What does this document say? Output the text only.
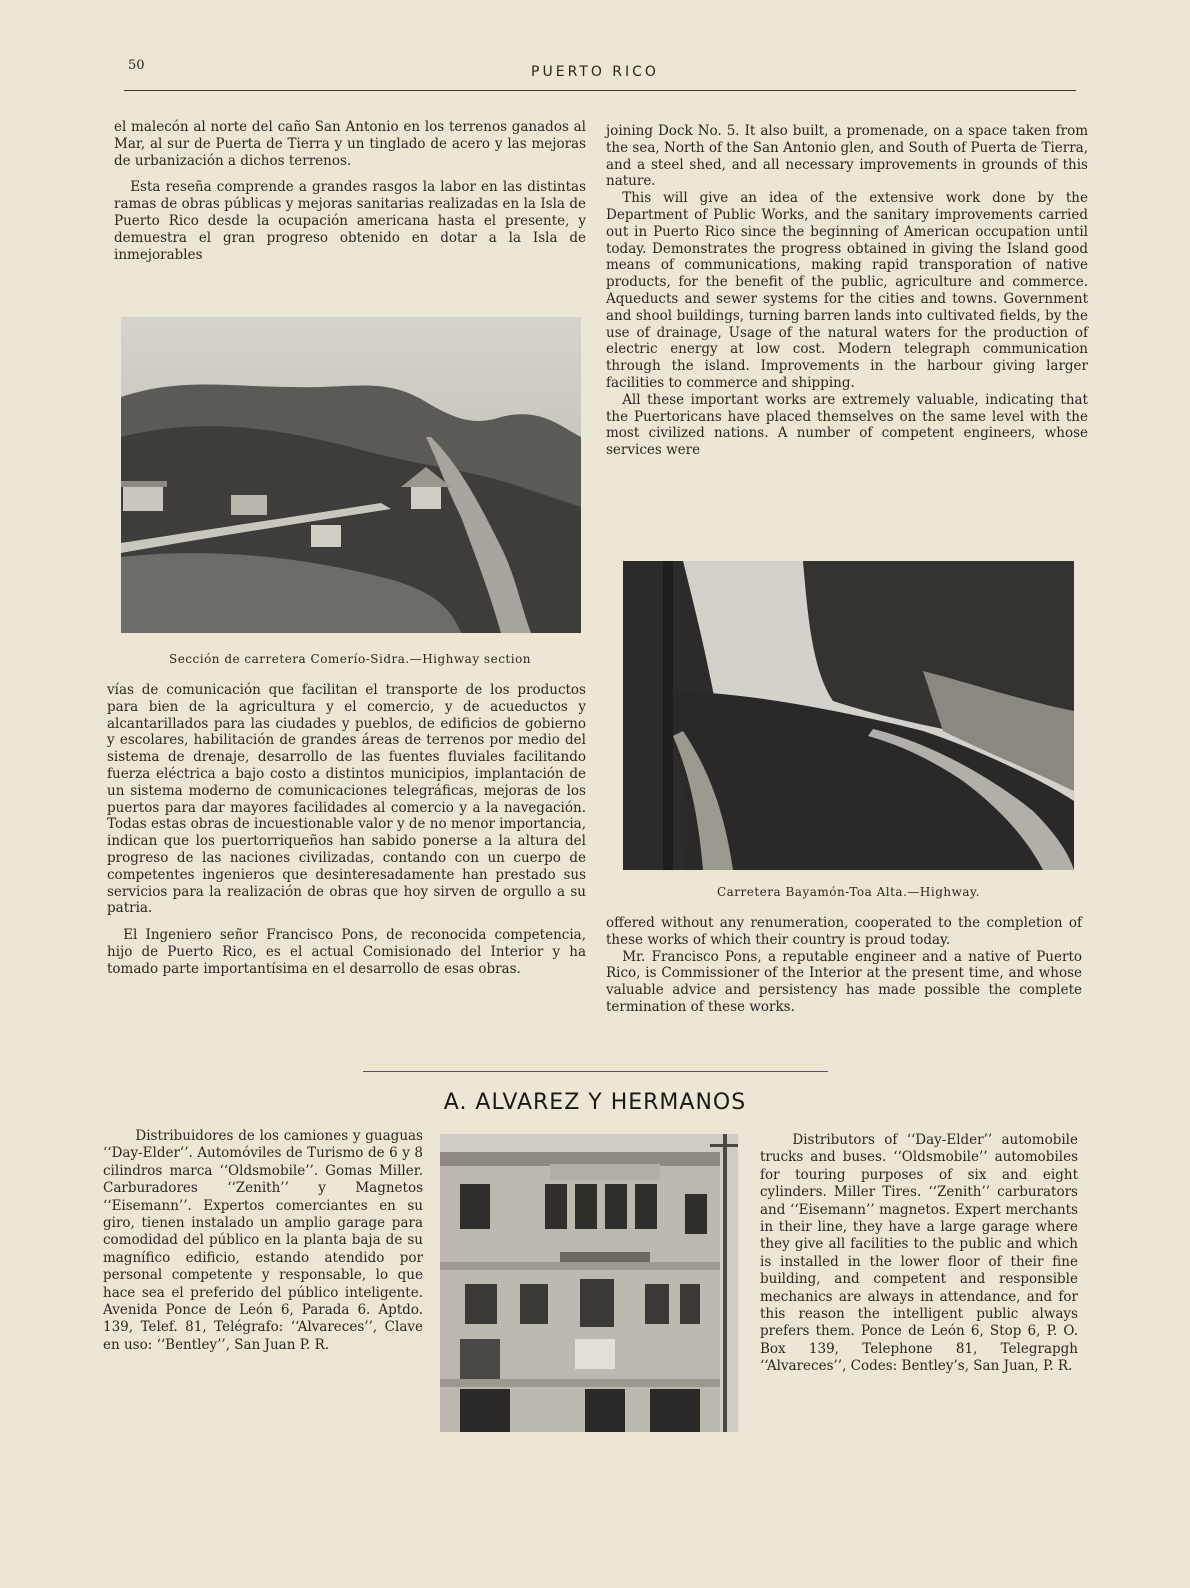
50	PUERTO RICO

el malecón al norte del caño San Antonio en los terrenos ganados al Mar, al sur de Puerta de Tierra y un tinglado de acero y las mejoras de urbanización a dichos terrenos.

Esta reseña comprende a grandes rasgos la labor en las distintas ramas de obras públicas y mejoras sanitarias realizadas en la Isla de Puerto Rico desde la ocupación americana hasta el presente, y demuestra el gran progreso obtenido en dotar a la Isla de inmejorables

Sección de carretera Comerío-Sidra.—Highway section

vías de comunicación que facilitan el transporte de los productos para bien de la agricultura y el comercio, y de acueductos y alcantarillados para las ciudades y pueblos, de edificios de gobierno y escolares, habilitación de grandes áreas de terrenos por medio del sistema de drenaje, desarrollo de las fuentes fluviales facilitando fuerza eléctrica a bajo costo a distintos municipios, implantación de un sistema moderno de comunicaciones telegráficas, mejoras de los puertos para dar mayores facilidades al comercio y a la navegación. Todas estas obras de incuestionable valor y de no menor importancia, indican que los puertorriqueños han sabido ponerse a la altura del progreso de las naciones civilizadas, contando con un cuerpo de competentes ingenieros que desinteresadamente han prestado sus servicios para la realización de obras que hoy sirven de orgullo a su patria.

El Ingeniero señor Francisco Pons, de reconocida competencia, hijo de Puerto Rico, es el actual Comisionado del Interior y ha tomado parte importantísima en el desarrollo de esas obras.

joining Dock No. 5. It also built, a promenade, on a space taken from the sea, North of the San Antonio glen, and South of Puerta de Tierra, and a steel shed, and all necessary improvements in grounds of this nature.

This will give an idea of the extensive work done by the Department of Public Works, and the sanitary improvements carried out in Puerto Rico since the beginning of American occupation until today. Demonstrates the progress obtained in giving the Island good means of communications, making rapid transporation of native products, for the benefit of the public, agriculture and commerce. Aqueducts and sewer systems for the cities and towns. Government and shool buildings, turning barren lands into cultivated fields, by the use of drainage, Usage of the natural waters for the production of electric energy at low cost. Modern telegraph communication through the island. Improvements in the harbour giving larger facilities to commerce and shipping.

All these important works are extremely valuable, indicating that the Puertoricans have placed themselves on the same level with the most civilized nations. A number of competent engineers, whose services were

Carretera Bayamón-Toa Alta.—Highway.

offered without any renumeration, cooperated to the completion of these works of which their country is proud today.

Mr. Francisco Pons, a reputable engineer and a native of Puerto Rico, is Commissioner of the Interior at the present time, and whose valuable advice and persistency has made possible the complete termination of these works.

A. ALVAREZ Y HERMANOS

Distribuidores de los camiones y guaguas ‘‘Day-Elder’’. Automóviles de Turismo de 6 y 8 cilindros marca ‘‘Oldsmobile’’. Gomas Miller. Carburadores ‘‘Zenith’’ y Magnetos ‘‘Eisemann’’. Expertos comerciantes en su giro, tienen instalado un amplio garage para comodidad del público en la planta baja de su magnífico edificio, estando atendido por personal competente y responsable, lo que hace sea el preferido del público inteligente. Avenida Ponce de León 6, Parada 6. Aptdo. 139, Telef. 81, Telégrafo: ‘‘Alvareces’’, Clave en uso: ‘‘Bentley’’, San Juan P. R.

Distributors of ‘‘Day-Elder’’ automobile trucks and buses. ‘‘Oldsmobile’’ automobiles for touring purposes of six and eight cylinders. Miller Tires. ‘‘Zenith’’ carburators and ‘‘Eisemann’’ magnetos. Expert merchants in their line, they have a large garage where they give all facilities to the public and which is installed in the lower floor of their fine building, and competent and responsible mechanics are always in attendance, and for this reason the intelligent public always prefers them. Ponce de León 6, Stop 6, P. O. Box 139, Telephone 81, Telegrapgh ‘‘Alvareces’’, Codes: Bentley’s, San Juan, P. R.
